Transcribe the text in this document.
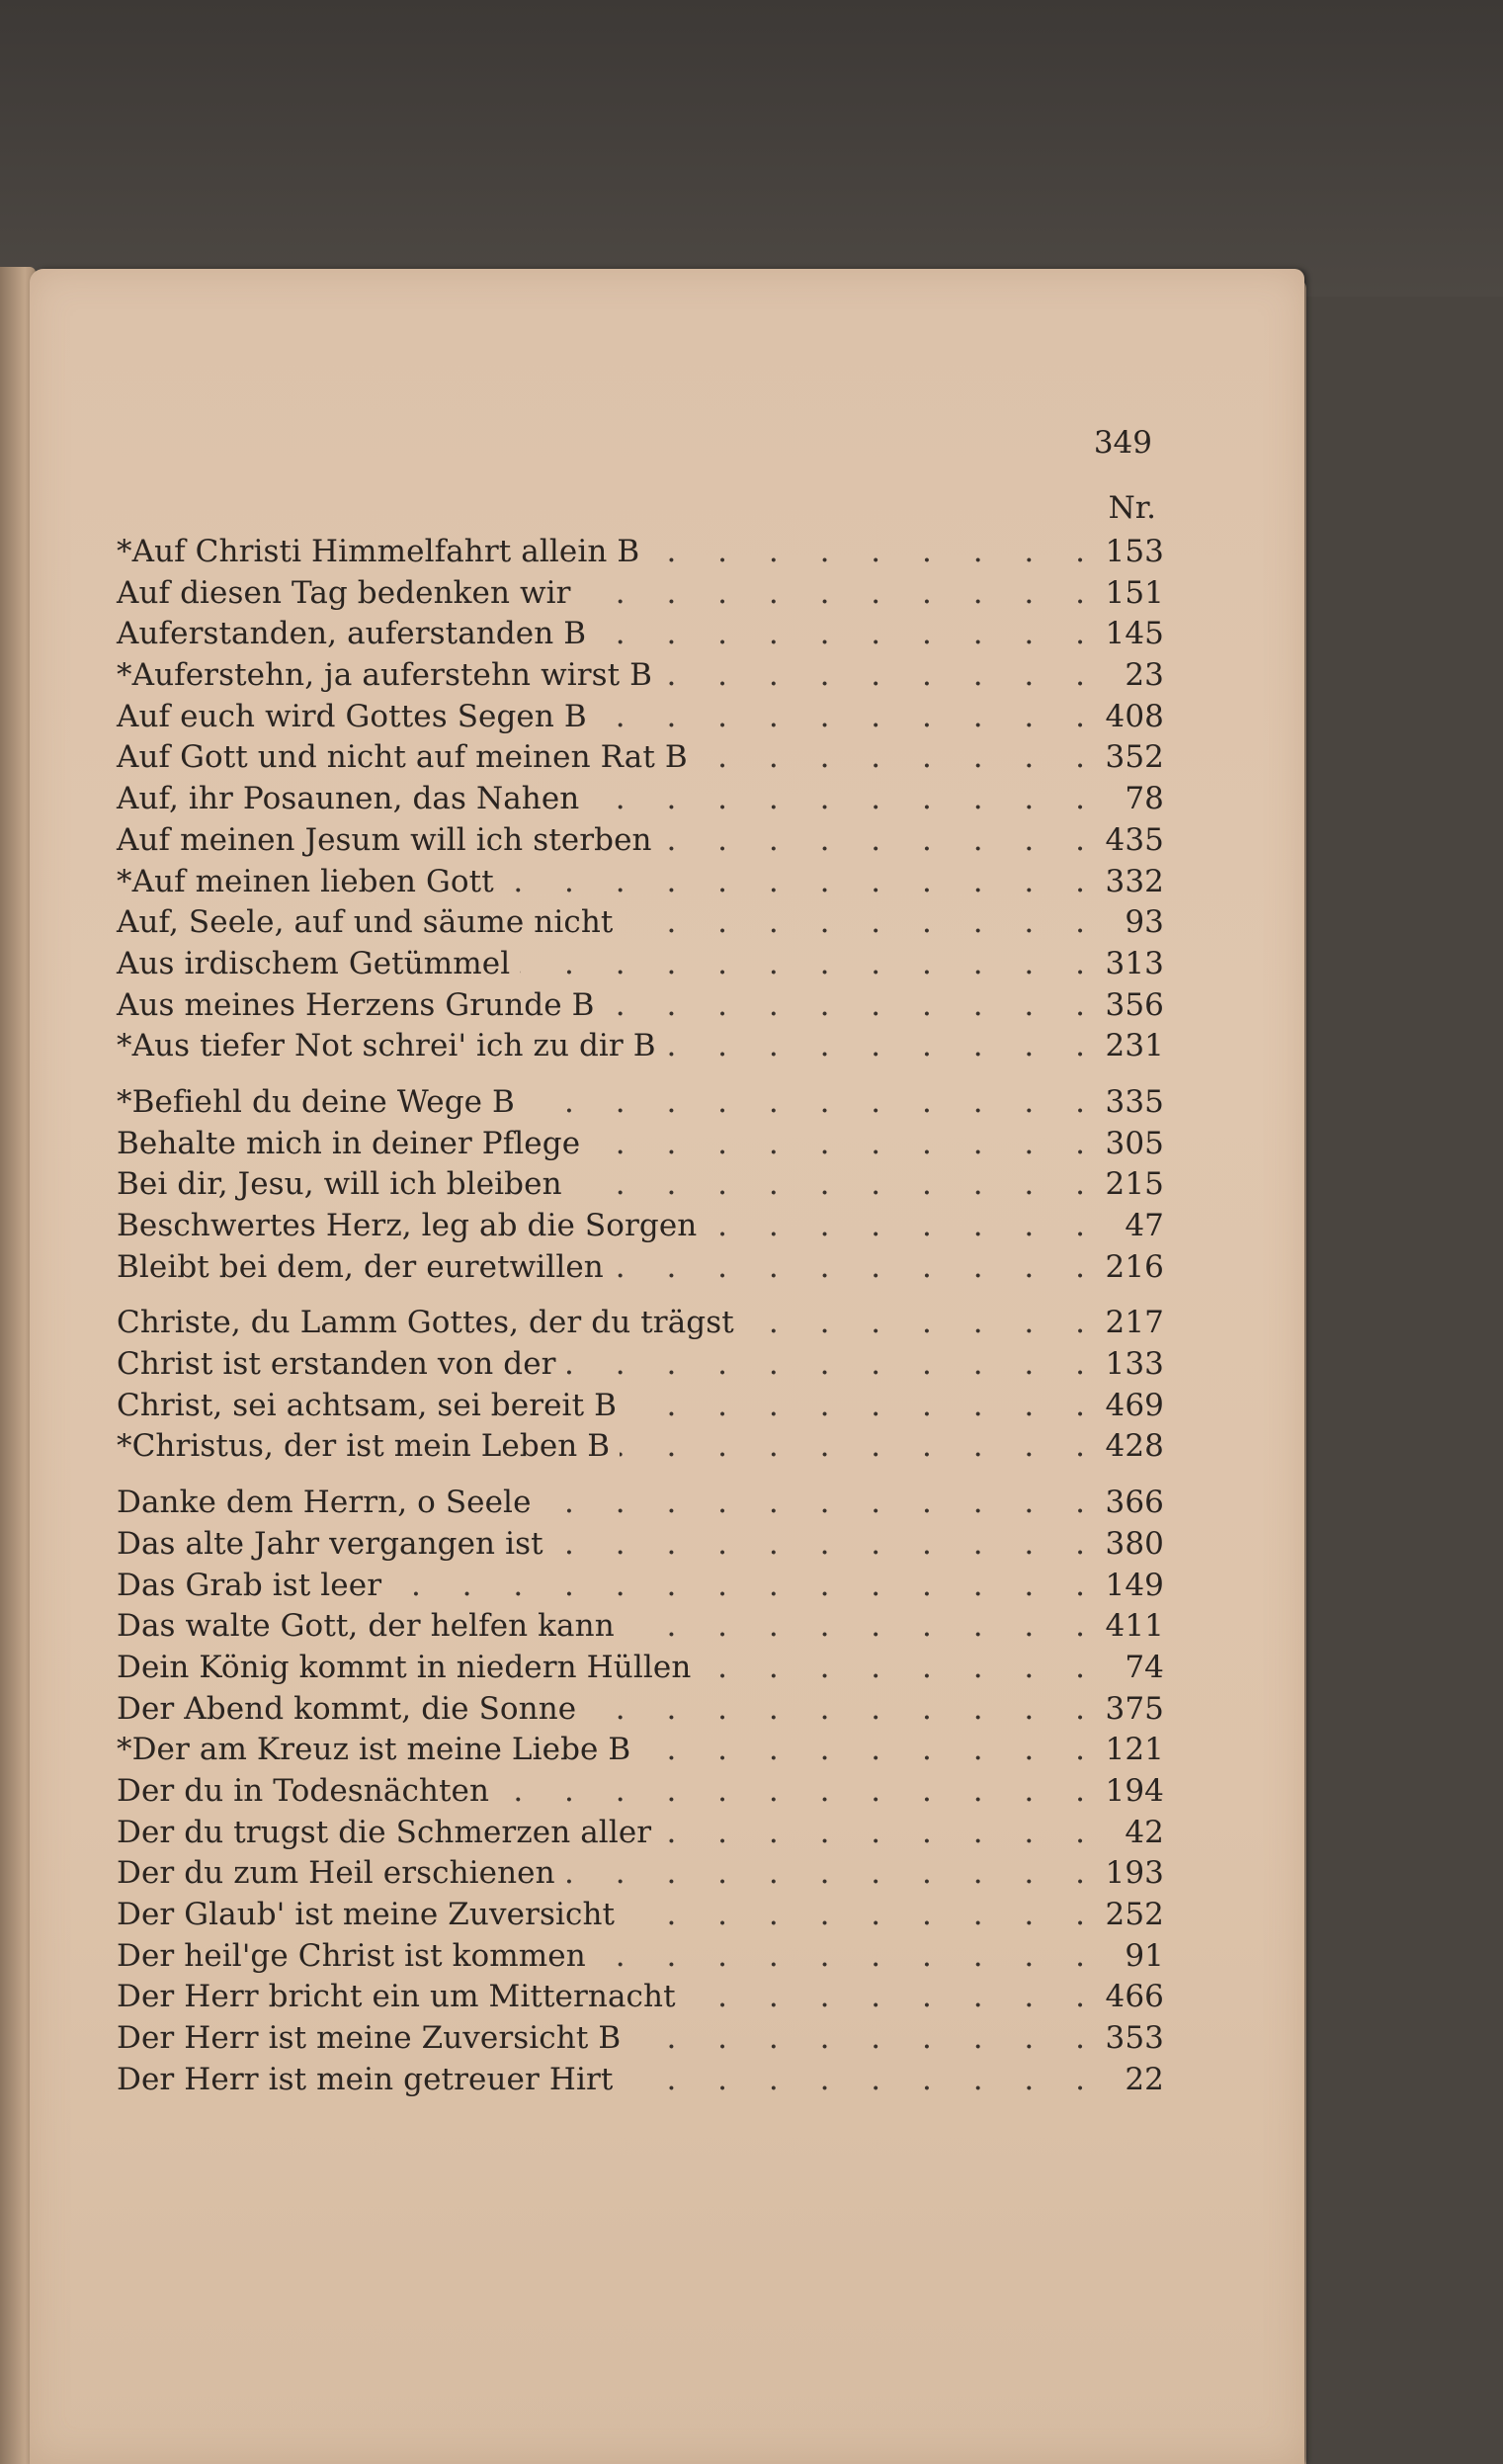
349
Nr.
*Auf Christi Himmelfahrt allein B . . .	153
Auf diesen Tag bedenken wir . . .	151
Auferstanden, auferstanden B . . .	145
*Auferstehn, ja auferstehn wirst B . . .	23
Auf euch wird Gottes Segen B . . .	408
Auf Gott und nicht auf meinen Rat B . . .	352
Auf, ihr Posaunen, das Nahen . . .	78
Auf meinen Jesum will ich sterben . . .	435
*Auf meinen lieben Gott . . .	332
Auf, Seele, auf und säume nicht . . .	93
Aus irdischem Getümmel . . .	313
Aus meines Herzens Grunde B . . .	356
*Aus tiefer Not schrei' ich zu dir B . . .	231
*Befiehl du deine Wege B . . .	335
Behalte mich in deiner Pflege . . .	305
Bei dir, Jesu, will ich bleiben . . .	215
Beschwertes Herz, leg ab die Sorgen . . .	47
Bleibt bei dem, der euretwillen . . .	216
Christe, du Lamm Gottes, der du trägst . . .	217
Christ ist erstanden von der . . .	133
Christ, sei achtsam, sei bereit B . . .	469
*Christus, der ist mein Leben B . . .	428
Danke dem Herrn, o Seele . . .	366
Das alte Jahr vergangen ist . . .	380
Das Grab ist leer . . .	149
Das walte Gott, der helfen kann . . .	411
Dein König kommt in niedern Hüllen . . .	74
Der Abend kommt, die Sonne . . .	375
*Der am Kreuz ist meine Liebe B . . .	121
Der du in Todesnächten . . .	194
Der du trugst die Schmerzen aller . . .	42
Der du zum Heil erschienen . . .	193
Der Glaub' ist meine Zuversicht . . .	252
Der heil'ge Christ ist kommen . . .	91
Der Herr bricht ein um Mitternacht . . .	466
Der Herr ist meine Zuversicht B . . .	353
Der Herr ist mein getreuer Hirt . . .	22
